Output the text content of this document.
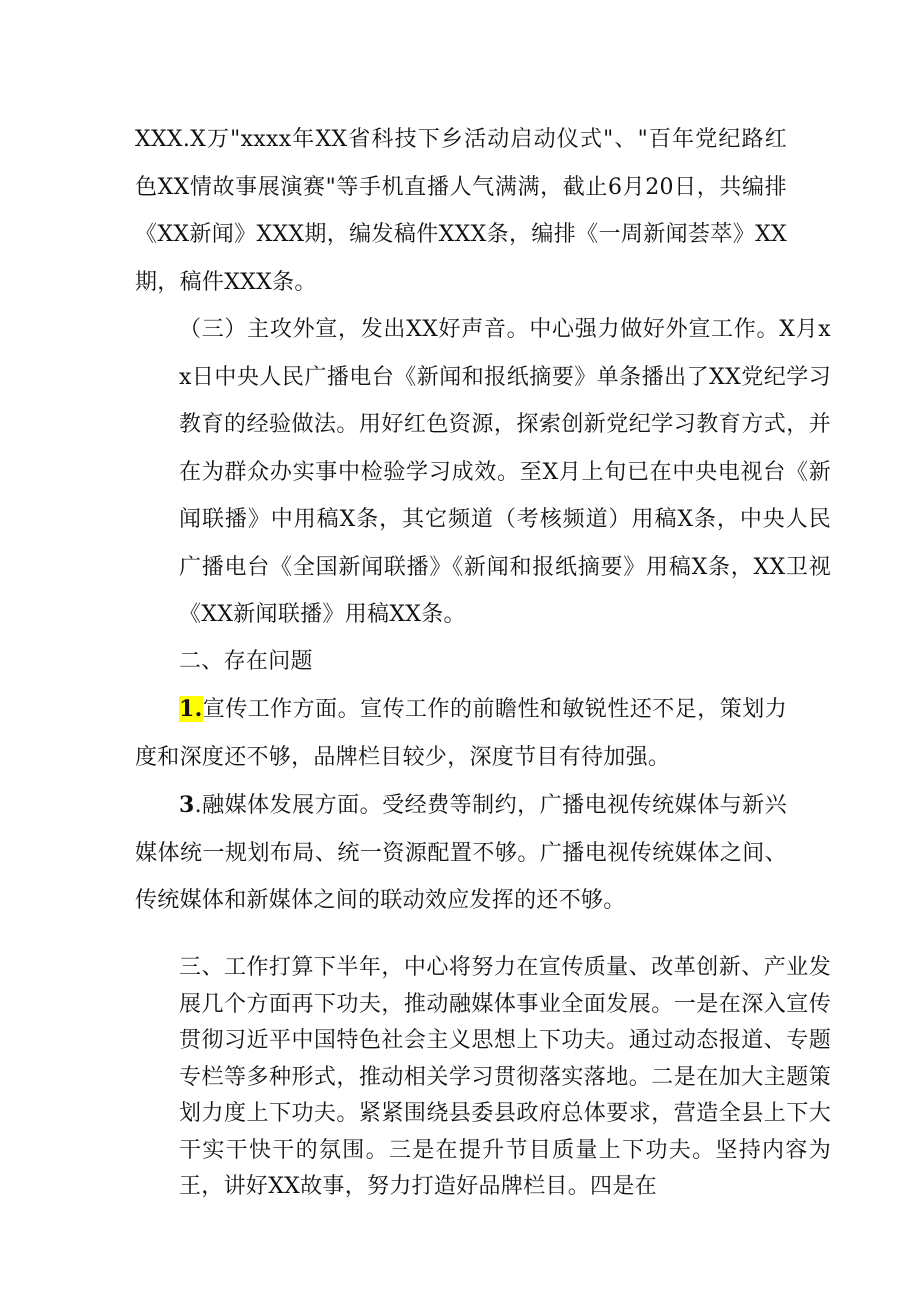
XXX.X万"xxxx年XX省科技下乡活动启动仪式"、"百年党纪路红色XX情故事展演赛"等手机直播人气满满，截止6月20日，共编排《XX新闻》XXX期，编发稿件XXX条，编排《一周新闻荟萃》XX期，稿件XXX条。

（三）主攻外宣，发出XX好声音。中心强力做好外宣工作。X月xx日中央人民广播电台《新闻和报纸摘要》单条播出了XX党纪学习教育的经验做法。用好红色资源，探索创新党纪学习教育方式，并在为群众办实事中检验学习成效。至X月上旬已在中央电视台《新闻联播》中用稿X条，其它频道（考核频道）用稿X条，中央人民广播电台《全国新闻联播》《新闻和报纸摘要》用稿X条，XX卫视《XX新闻联播》用稿XX条。

二、存在问题

1.宣传工作方面。宣传工作的前瞻性和敏锐性还不足，策划力度和深度还不够，品牌栏目较少，深度节目有待加强。

3.融媒体发展方面。受经费等制约，广播电视传统媒体与新兴媒体统一规划布局、统一资源配置不够。广播电视传统媒体之间、传统媒体和新媒体之间的联动效应发挥的还不够。

三、工作打算下半年，中心将努力在宣传质量、改革创新、产业发展几个方面再下功夫，推动融媒体事业全面发展。一是在深入宣传贯彻习近平中国特色社会主义思想上下功夫。通过动态报道、专题专栏等多种形式，推动相关学习贯彻落实落地。二是在加大主题策划力度上下功夫。紧紧围绕县委县政府总体要求，营造全县上下大干实干快干的氛围。三是在提升节目质量上下功夫。坚持内容为王，讲好XX故事，努力打造好品牌栏目。四是在
